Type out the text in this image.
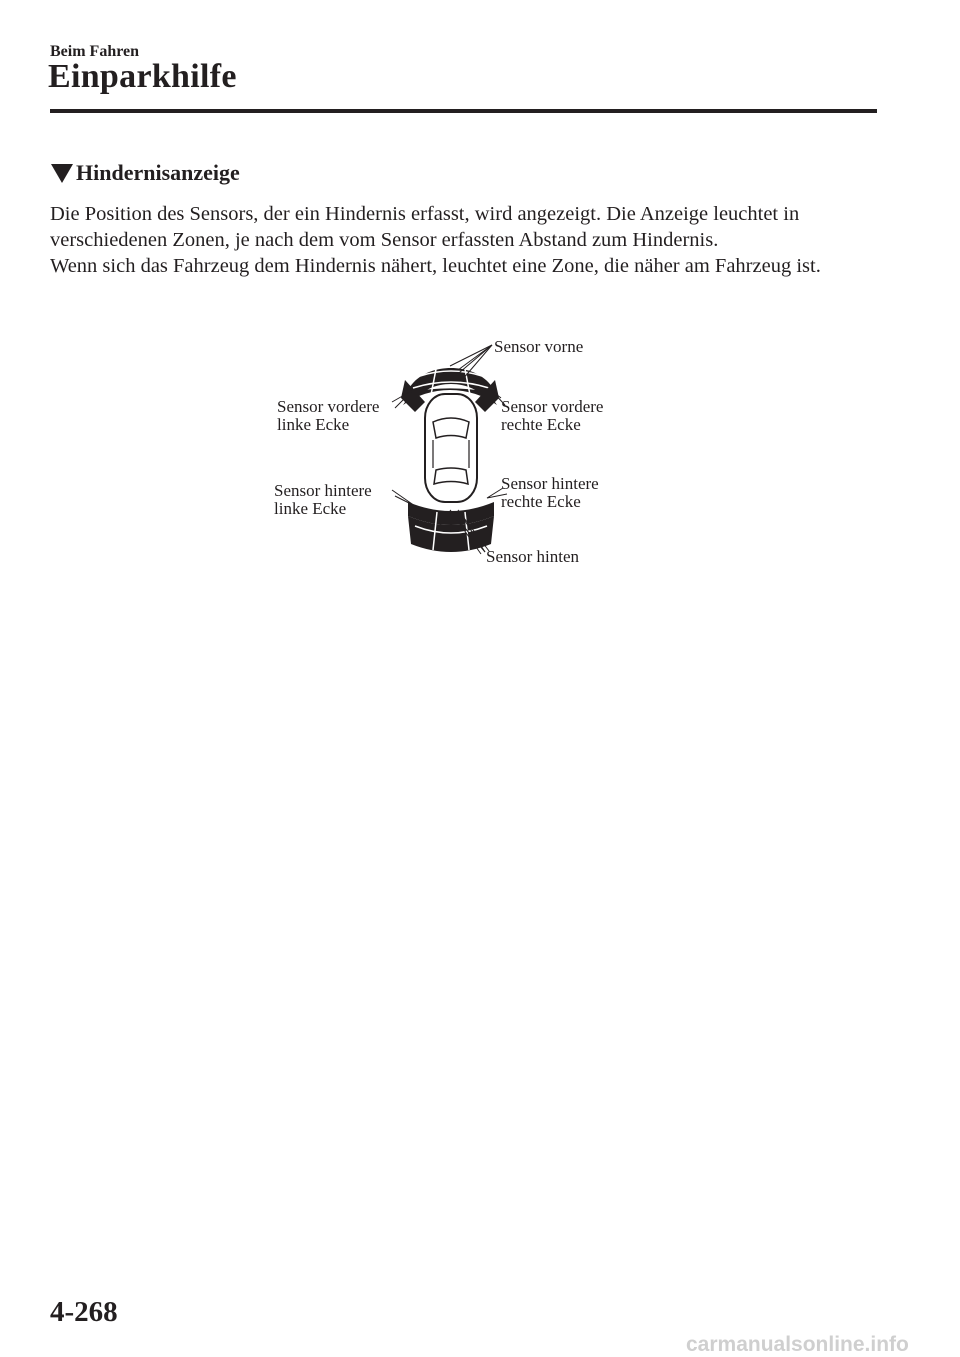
Beim Fahren
Einparkhilfe
Hindernisanzeige

Die Position des Sensors, der ein Hindernis erfasst, wird angezeigt. Die Anzeige leuchtet in verschiedenen Zonen, je nach dem vom Sensor erfassten Abstand zum Hindernis.

Wenn sich das Fahrzeug dem Hindernis nähert, leuchtet eine Zone, die näher am Fahrzeug ist.

Sensor vorne
Sensor vordere
linke Ecke
Sensor vordere
rechte Ecke
Sensor hintere
linke Ecke
Sensor hintere
rechte Ecke
Sensor hinten
4-268
carmanualsonline.info
